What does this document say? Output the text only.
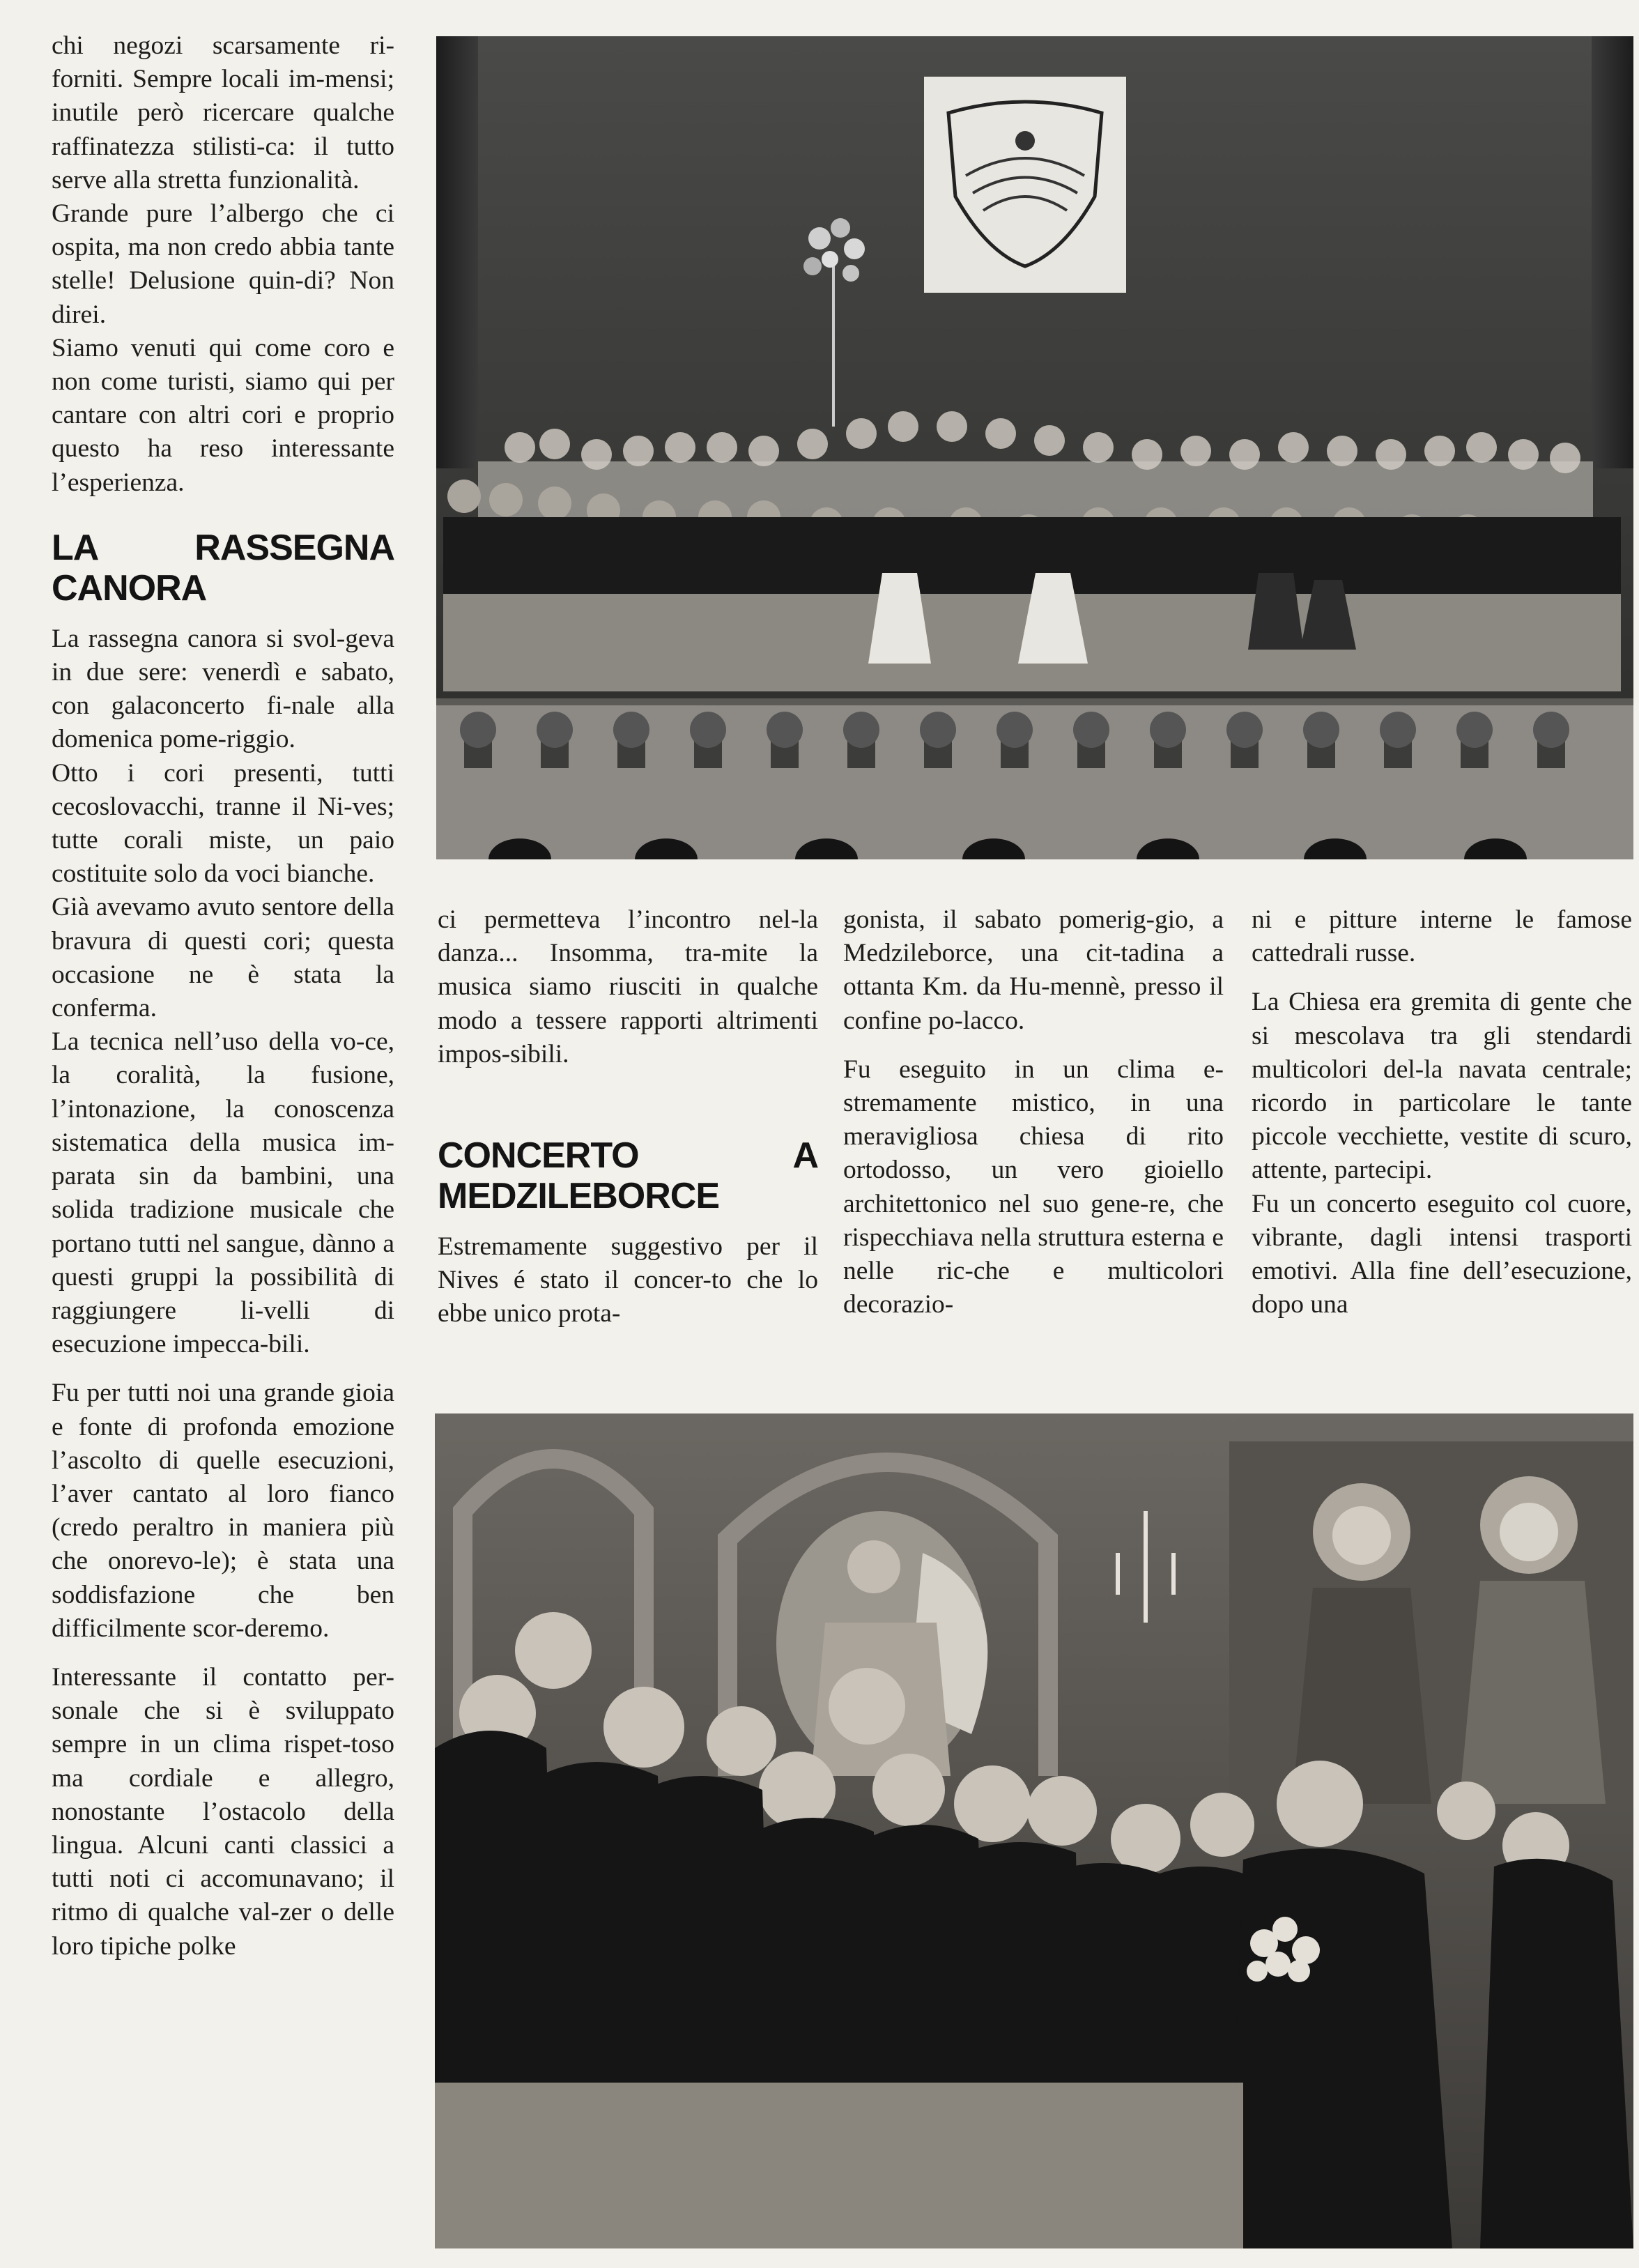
chi negozi scarsamente ri-forniti. Sempre locali im-mensi; inutile però ricercare qualche raffinatezza stilisti-ca: il tutto serve alla stretta funzionalità.

Grande pure l’albergo che ci ospita, ma non credo abbia tante stelle! Delusione quin-di? Non direi.

Siamo venuti qui come coro e non come turisti, siamo qui per cantare con altri cori e proprio questo ha reso interessante l’esperienza.

LA RASSEGNA CANORA

La rassegna canora si svol-geva in due sere: venerdì e sabato, con galaconcerto fi-nale alla domenica pome-riggio.

Otto i cori presenti, tutti cecoslovacchi, tranne il Ni-ves; tutte corali miste, un paio costituite solo da voci bianche.

Già avevamo avuto sentore della bravura di questi cori; questa occasione ne è stata la conferma.

La tecnica nell’uso della vo-ce, la coralità, la fusione, l’intonazione, la conoscenza sistematica della musica im-parata sin da bambini, una solida tradizione musicale che portano tutti nel sangue, dànno a questi gruppi la possibilità di raggiungere li-velli di esecuzione impecca-bili.

Fu per tutti noi una grande gioia e fonte di profonda emozione l’ascolto di quelle esecuzioni, l’aver cantato al loro fianco (credo peraltro in maniera più che onorevo-le); è stata una soddisfazione che ben difficilmente scor-deremo.

Interessante il contatto per-sonale che si è sviluppato sempre in un clima rispet-toso ma cordiale e allegro, nonostante l’ostacolo della lingua. Alcuni canti classici a tutti noti ci accomunavano; il ritmo di qualche val-zer o delle loro tipiche polke

ci permetteva l’incontro nel-la danza... Insomma, tra-mite la musica siamo riusciti in qualche modo a tessere rapporti altrimenti impos-sibili.

CONCERTO A MEDZILEBORCE

Estremamente suggestivo per il Nives é stato il concer-to che lo ebbe unico prota-

gonista, il sabato pomerig-gio, a Medzileborce, una cit-tadina a ottanta Km. da Hu-mennè, presso il confine po-lacco.

Fu eseguito in un clima e-stremamente mistico, in una meravigliosa chiesa di rito ortodosso, un vero gioiello architettonico nel suo gene-re, che rispecchiava nella struttura esterna e nelle ric-che e multicolori decorazio-

ni e pitture interne le famose cattedrali russe.

La Chiesa era gremita di gente che si mescolava tra gli stendardi multicolori del-la navata centrale; ricordo in particolare le tante piccole vecchiette, vestite di scuro, attente, partecipi.

Fu un concerto eseguito col cuore, vibrante, dagli intensi trasporti emotivi. Alla fine dell’esecuzione, dopo una
